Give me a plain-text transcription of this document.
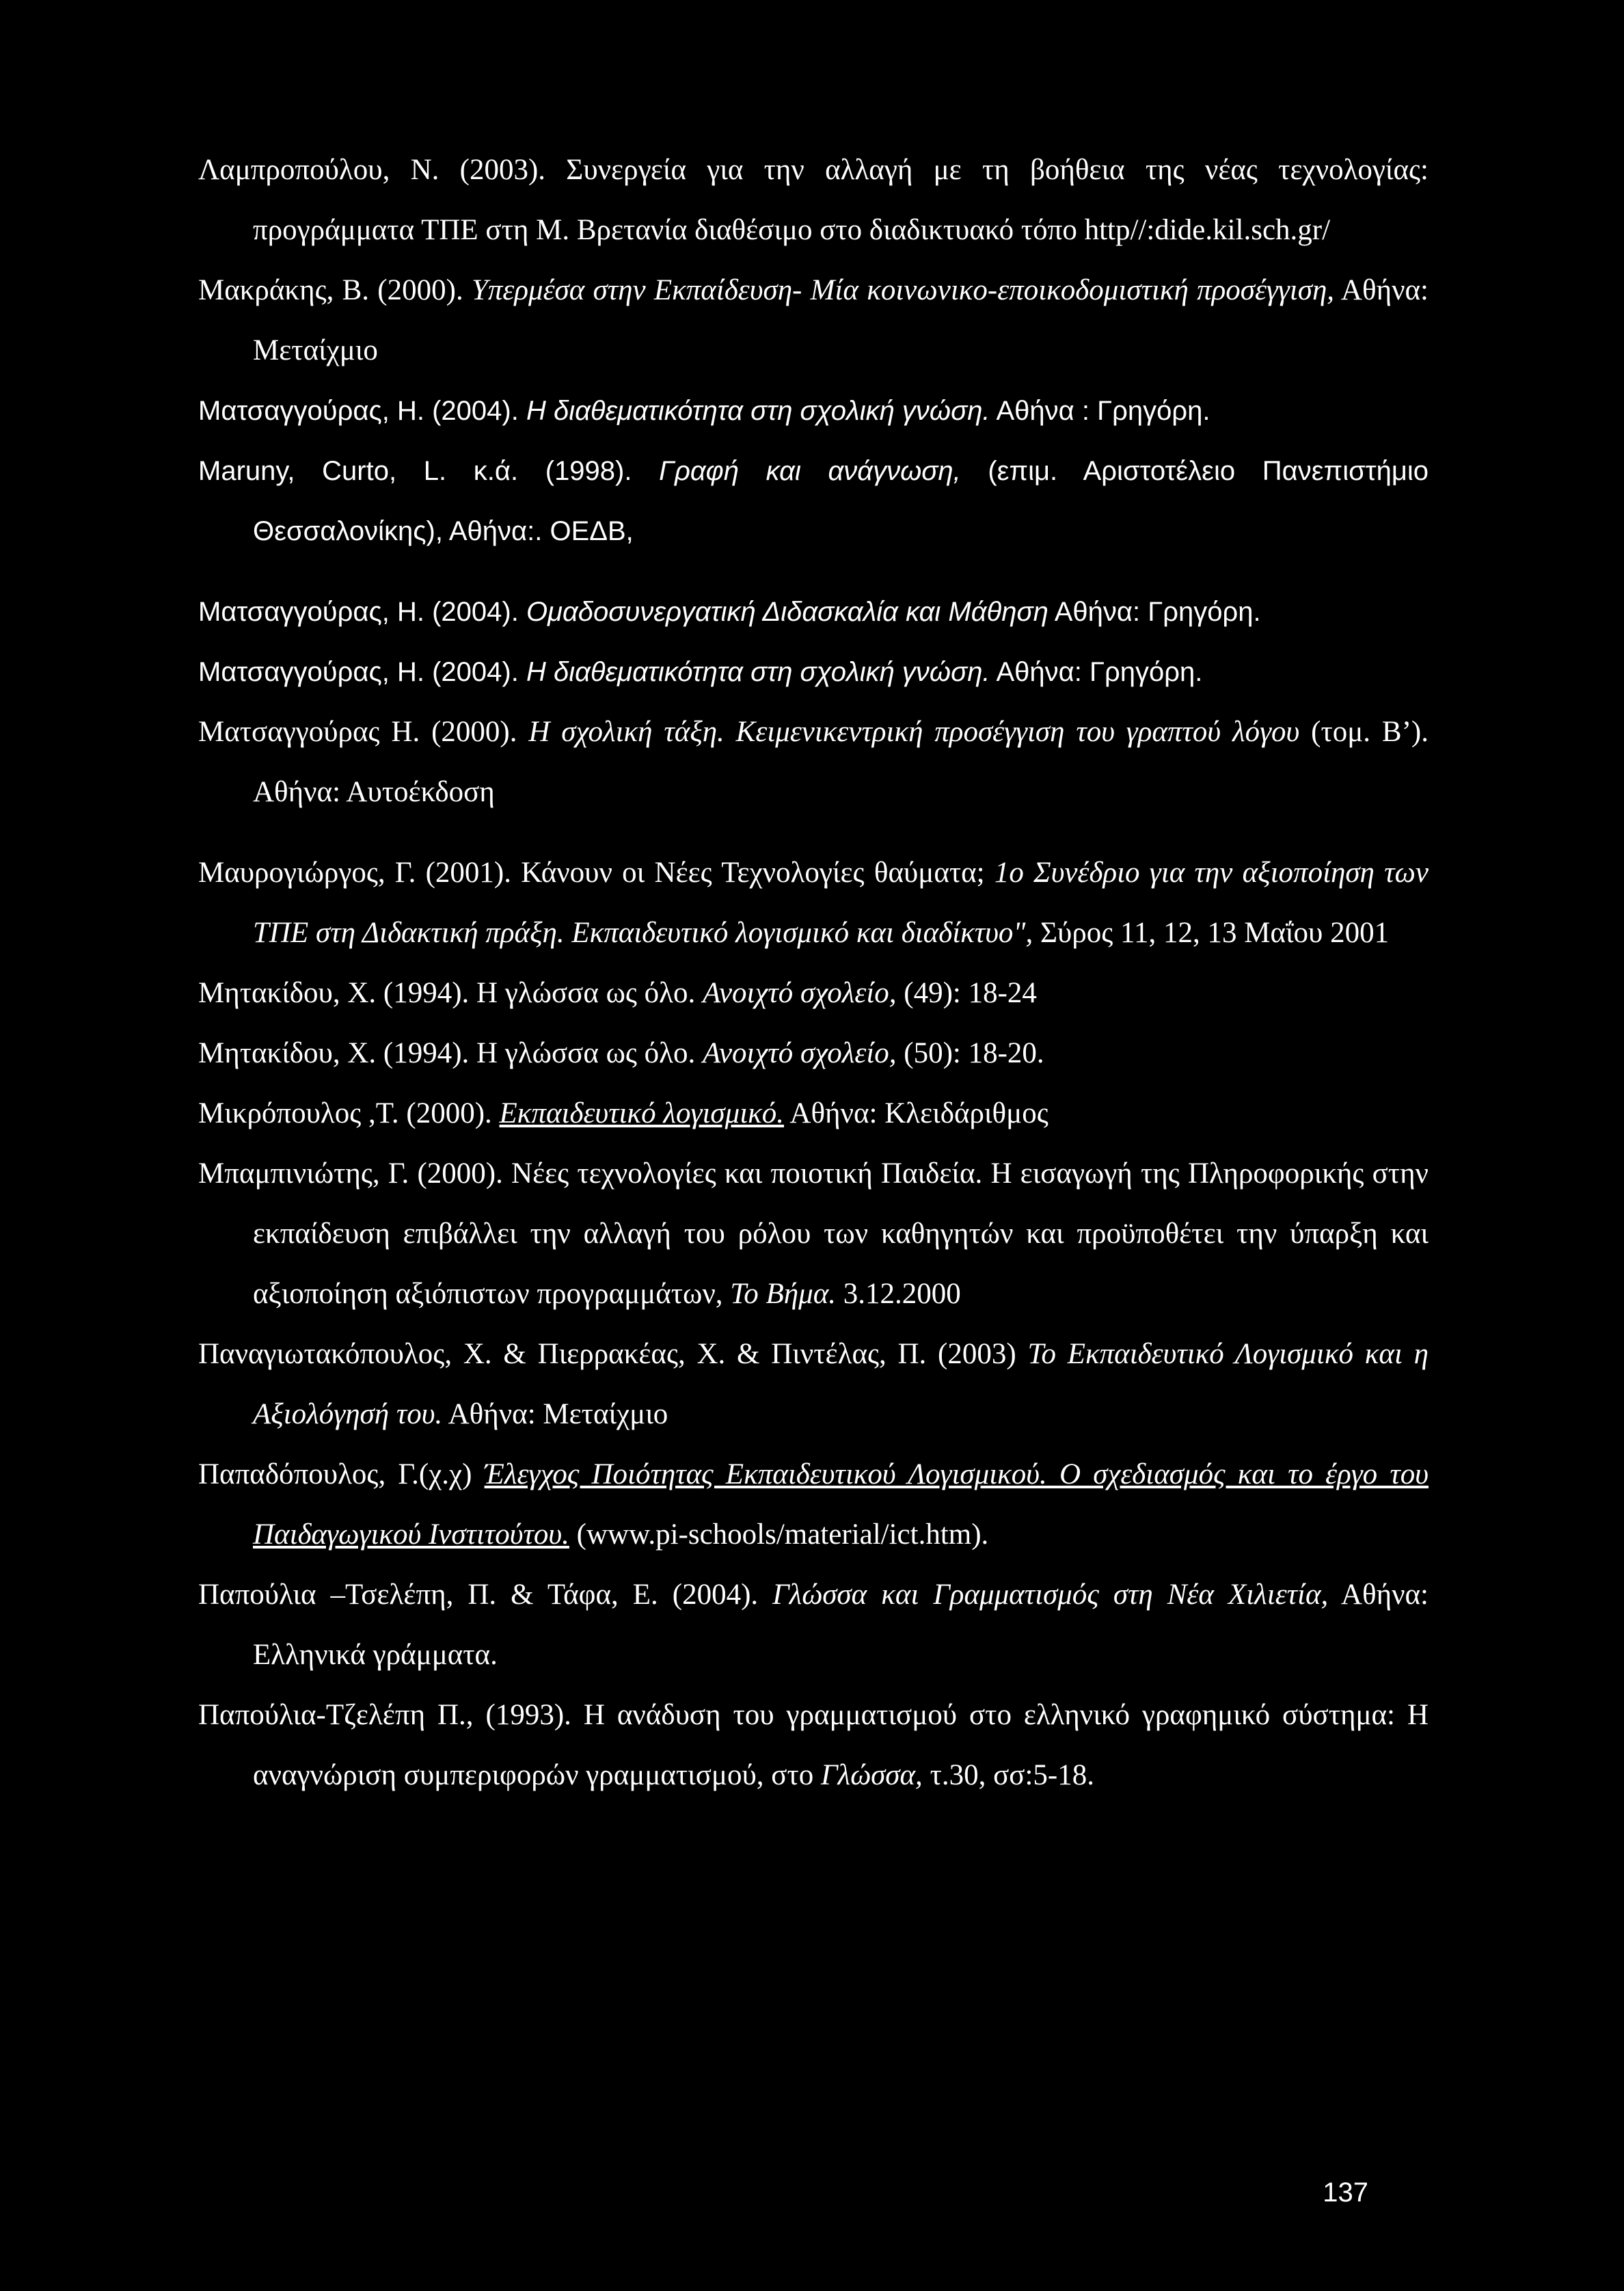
Λαμπροπούλου, Ν. (2003). Συνεργεία για την αλλαγή με τη βοήθεια της νέας τεχνολογίας: προγράμματα ΤΠΕ στη Μ. Βρετανία διαθέσιμο στο διαδικτυακό τόπο http//:dide.kil.sch.gr/

Μακράκης, Β. (2000). Υπερμέσα στην Εκπαίδευση- Μία κοινωνικο-εποικοδομιστική προσέγγιση, Αθήνα: Μεταίχμιο

Ματσαγγούρας, Η. (2004). Η διαθεματικότητα στη σχολική γνώση. Αθήνα : Γρηγόρη.

Maruny, Curto, L. κ.ά. (1998). Γραφή και ανάγνωση, (επιμ. Αριστοτέλειο Πανεπιστήμιο Θεσσαλονίκης), Αθήνα:. ΟΕΔΒ,

Ματσαγγούρας, Η. (2004). Ομαδοσυνεργατική Διδασκαλία και Μάθηση Αθήνα: Γρηγόρη.

Ματσαγγούρας, Η. (2004). Η διαθεματικότητα στη σχολική γνώση. Αθήνα: Γρηγόρη.

Ματσαγγούρας Η. (2000). Η σχολική τάξη. Κειμενικεντρική προσέγγιση του γραπτού λόγου (τομ. Β’). Αθήνα: Αυτοέκδοση

Μαυρογιώργος, Γ. (2001). Κάνουν οι Νέες Τεχνολογίες θαύματα; 1ο Συνέδριο για την αξιοποίηση των ΤΠΕ στη Διδακτική πράξη. Εκπαιδευτικό λογισμικό και διαδίκτυο", Σύρος 11, 12, 13 Μαΐου 2001

Μητακίδου, Χ. (1994). Η γλώσσα ως όλο. Ανοιχτό σχολείο, (49): 18-24

Μητακίδου, Χ. (1994). Η γλώσσα ως όλο. Ανοιχτό σχολείο, (50): 18-20.

Μικρόπουλος ,Τ. (2000). Εκπαιδευτικό λογισμικό. Αθήνα: Κλειδάριθμος

Μπαμπινιώτης, Γ. (2000). Νέες τεχνολογίες και ποιοτική Παιδεία. Η εισαγωγή της Πληροφορικής στην εκπαίδευση επιβάλλει την αλλαγή του ρόλου των καθηγητών και προϋποθέτει την ύπαρξη και αξιοποίηση αξιόπιστων προγραμμάτων, Το Βήμα. 3.12.2000

Παναγιωτακόπουλος, Χ. & Πιερρακέας, Χ. & Πιντέλας, Π. (2003) Το Εκπαιδευτικό Λογισμικό και η Αξιολόγησή του. Αθήνα: Μεταίχμιο

Παπαδόπουλος, Γ.(χ.χ) Έλεγχος Ποιότητας Εκπαιδευτικού Λογισμικού. Ο σχεδιασμός και το έργο του Παιδαγωγικού Ινστιτούτου. (www.pi-schools/material/ict.htm).

Παπούλια –Τσελέπη, Π. & Τάφα, Ε. (2004). Γλώσσα και Γραμματισμός στη Νέα Χιλιετία, Αθήνα: Ελληνικά γράμματα.

Παπούλια-Τζελέπη Π., (1993). Η ανάδυση του γραμματισμού στο ελληνικό γραφημικό σύστημα: Η αναγνώριση συμπεριφορών γραμματισμού, στο Γλώσσα, τ.30, σσ:5-18.

137
